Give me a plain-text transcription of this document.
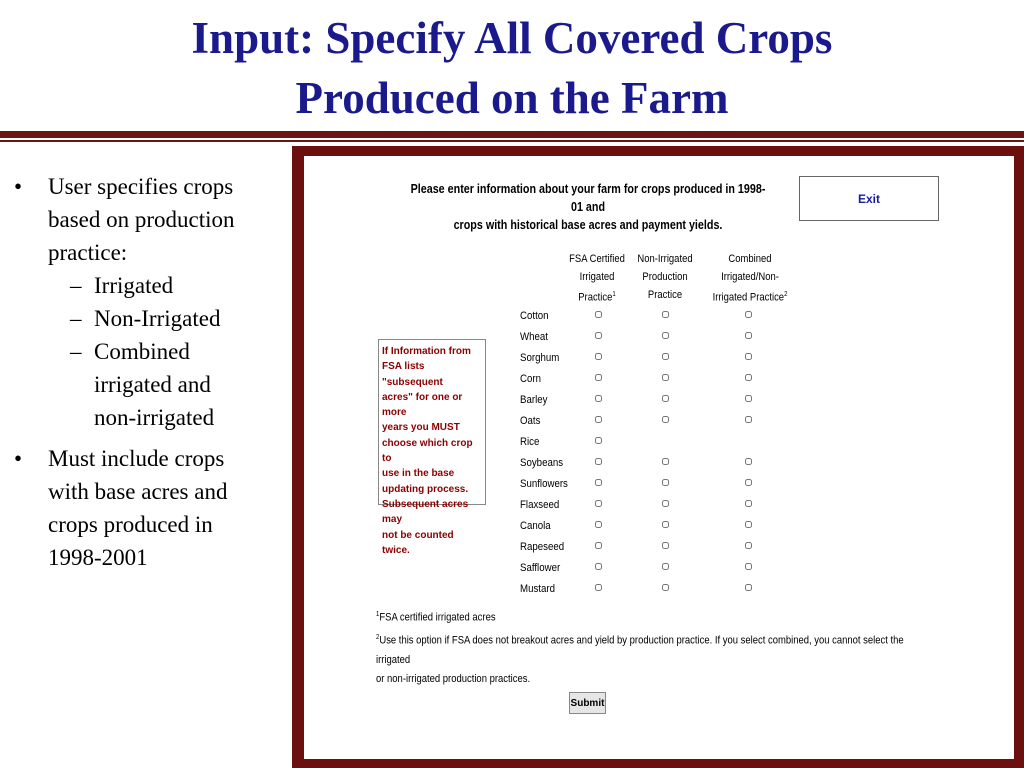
Input: Specify All Covered Crops
Produced on the Farm
• User specifies crops
based on production
practice:
– Irrigated
– Non-Irrigated
– Combined
irrigated and
non-irrigated
• Must include crops
with base acres and
crops produced in
1998-2001
Please enter information about your farm for crops produced in 1998-01 and
crops with historical base acres and payment yields.
Exit
FSA Certified
Irrigated
Practice$^1$
Non-Irrigated
Production
Practice
Combined
Irrigated/Non-
Irrigated Practice$^2$
If Information from
FSA lists "subsequent
acres" for one or more
years you MUST
choose which crop to
use in the base
updating process.
Subsequent acres may
not be counted twice.
Cotton
Wheat
Sorghum
Corn
Barley
Oats
Rice
Soybeans
Sunflowers
Flaxseed
Canola
Rapeseed
Safflower
Mustard
$^1$FSA certified irrigated acres
$^2$Use this option if FSA does not breakout acres and yield by production practice. If you select combined, you cannot select the irrigated
or non-irrigated production practices.
Submit
